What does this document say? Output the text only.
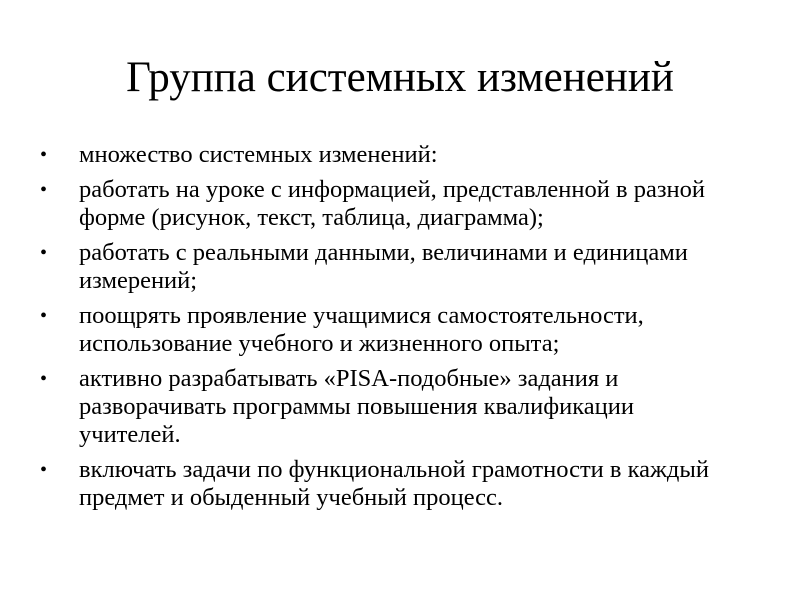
Группа системных изменений
•	множество системных изменений:
•	работать на уроке с информацией, представленной в разной форме (рисунок, текст, таблица, диаграмма);
•	работать с реальными данными, величинами и единицами измерений;
•	поощрять проявление учащимися самостоятельности, использование учебного и жизненного опыта;
•	активно разрабатывать «PISA-подобные» задания и разворачивать программы повышения квалификации учителей.
•	включать задачи по функциональной грамотности в каждый предмет и обыденный учебный процесс.
